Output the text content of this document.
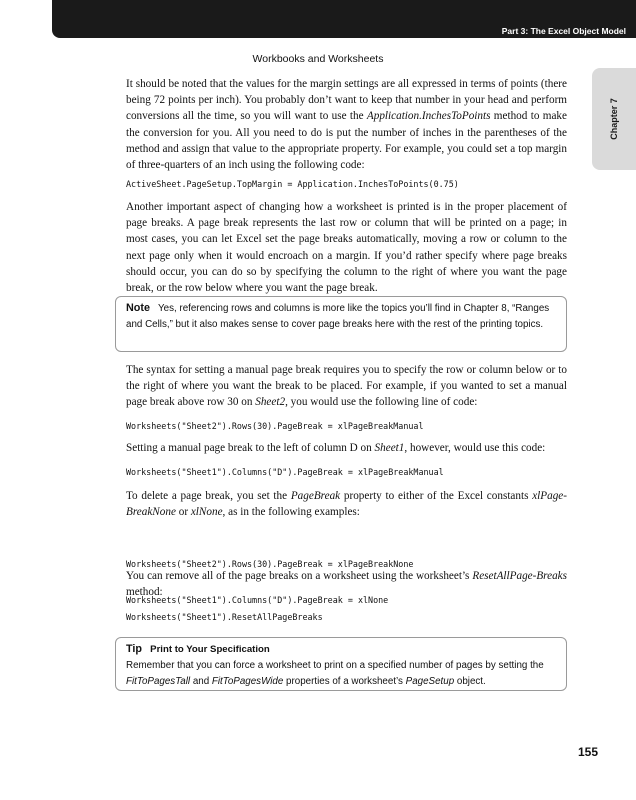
Part 3: The Excel Object Model
Chapter 7
Workbooks and Worksheets

It should be noted that the values for the margin settings are all expressed in terms of points (there being 72 points per inch). You probably don’t want to keep that number in your head and perform conversions all the time, so you will want to use the Application.InchesToPoints method to make the conversion for you. All you need to do is put the number of inches in the parentheses of the method and assign that value to the appropriate property. For example, you could set a top margin of three-quarters of an inch using the following code:

ActiveSheet.PageSetup.TopMargin = Application.InchesToPoints(0.75)

Another important aspect of changing how a worksheet is printed is in the proper placement of page breaks. A page break represents the last row or column that will be printed on a page; in most cases, you can let Excel set the page breaks automatically, moving a row or column to the next page only when it would encroach on a margin. If you’d rather specify where page breaks should occur, you can do so by specifying the column to the right of where you want the page break, or the row below where you want the page break.

Note Yes, referencing rows and columns is more like the topics you’ll find in Chapter 8, “Ranges and Cells,” but it also makes sense to cover page breaks here with the rest of the printing topics.

The syntax for setting a manual page break requires you to specify the row or column below or to the right of where you want the break to be placed. For example, if you wanted to set a manual page break above row 30 on Sheet2, you would use the following line of code:

Worksheets("Sheet2").Rows(30).PageBreak = xlPageBreakManual

Setting a manual page break to the left of column D on Sheet1, however, would use this code:

Worksheets("Sheet1").Columns("D").PageBreak = xlPageBreakManual

To delete a page break, you set the PageBreak property to either of the Excel constants xlPage-BreakNone or xlNone, as in the following examples:

Worksheets("Sheet2").Rows(30).PageBreak = xlPageBreakNone

Worksheets("Sheet1").Columns("D").PageBreak = xlNone

You can remove all of the page breaks on a worksheet using the worksheet’s ResetAllPage-Breaks method:

Worksheets("Sheet1").ResetAllPageBreaks
Tip Print to Your Specification
Remember that you can force a worksheet to print on a specified number of pages by setting the FitToPagesTall and FitToPagesWide properties of a worksheet’s PageSetup object.
155
